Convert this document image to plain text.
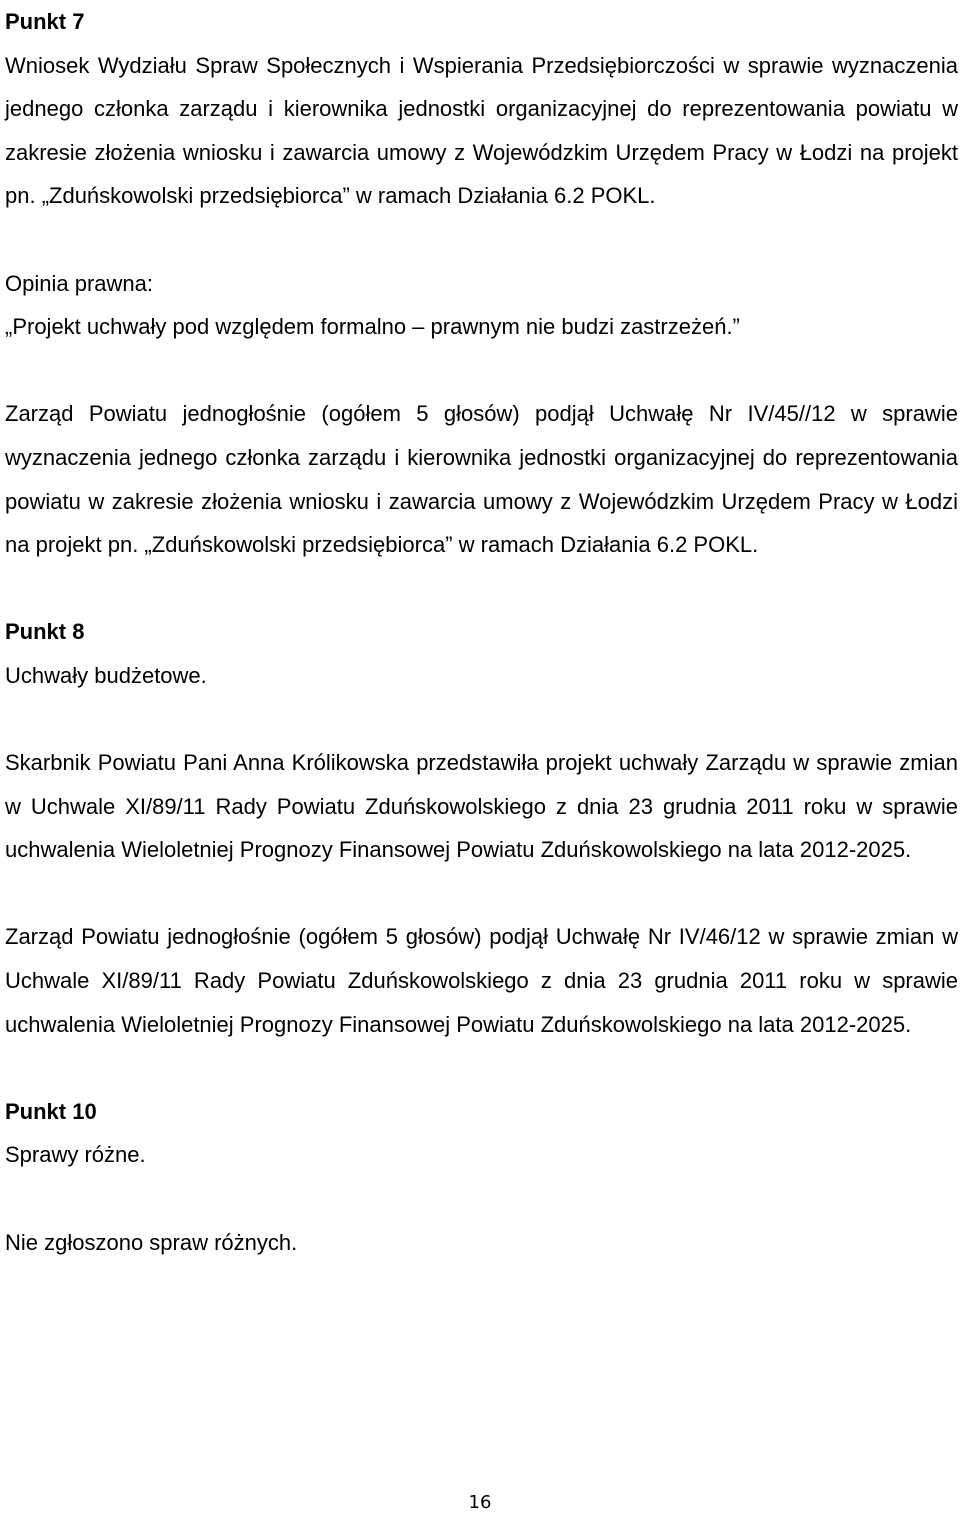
Punkt 7

Wniosek Wydziału Spraw Społecznych i Wspierania Przedsiębiorczości w sprawie wyznaczenia jednego członka zarządu i kierownika jednostki organizacyjnej do reprezentowania powiatu w zakresie złożenia wniosku i zawarcia umowy z Wojewódzkim Urzędem Pracy w Łodzi na projekt pn. „Zduńskowolski przedsiębiorca” w ramach Działania 6.2 POKL.

Opinia prawna:

„Projekt uchwały pod względem formalno – prawnym nie budzi zastrzeżeń.”

Zarząd Powiatu jednogłośnie (ogółem 5 głosów) podjął Uchwałę Nr IV/45//12 w sprawie wyznaczenia jednego członka zarządu i kierownika jednostki organizacyjnej do reprezentowania powiatu w zakresie złożenia wniosku i zawarcia umowy z Wojewódzkim Urzędem Pracy w Łodzi na projekt pn. „Zduńskowolski przedsiębiorca” w ramach Działania 6.2 POKL.

Punkt 8

Uchwały budżetowe.

Skarbnik Powiatu Pani Anna Królikowska przedstawiła projekt uchwały Zarządu w sprawie zmian w Uchwale XI/89/11 Rady Powiatu Zduńskowolskiego z dnia 23 grudnia 2011 roku w sprawie uchwalenia Wieloletniej Prognozy Finansowej Powiatu Zduńskowolskiego na lata 2012-2025.

Zarząd Powiatu jednogłośnie (ogółem 5 głosów) podjął Uchwałę Nr IV/46/12 w sprawie zmian w Uchwale XI/89/11 Rady Powiatu Zduńskowolskiego z dnia 23 grudnia 2011 roku w sprawie uchwalenia Wieloletniej Prognozy Finansowej Powiatu Zduńskowolskiego na lata 2012-2025.

Punkt 10

Sprawy różne.

Nie zgłoszono spraw różnych.

16
